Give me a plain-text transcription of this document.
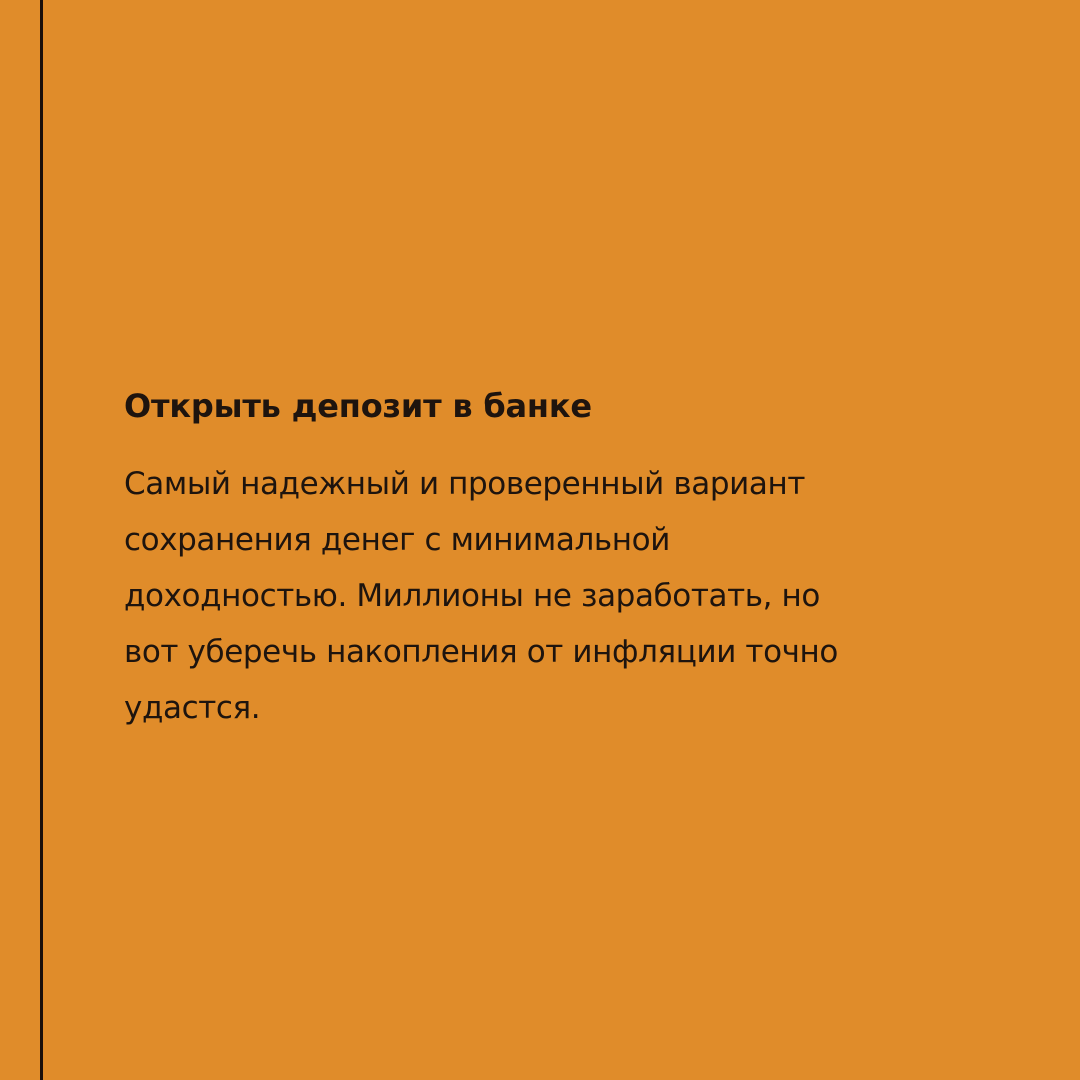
Открыть депозит в банке

Самый надежный и проверенный вариант
сохранения денег с минимальной
доходностью. Миллионы не заработать, но
вот уберечь накопления от инфляции точно
удастся.
